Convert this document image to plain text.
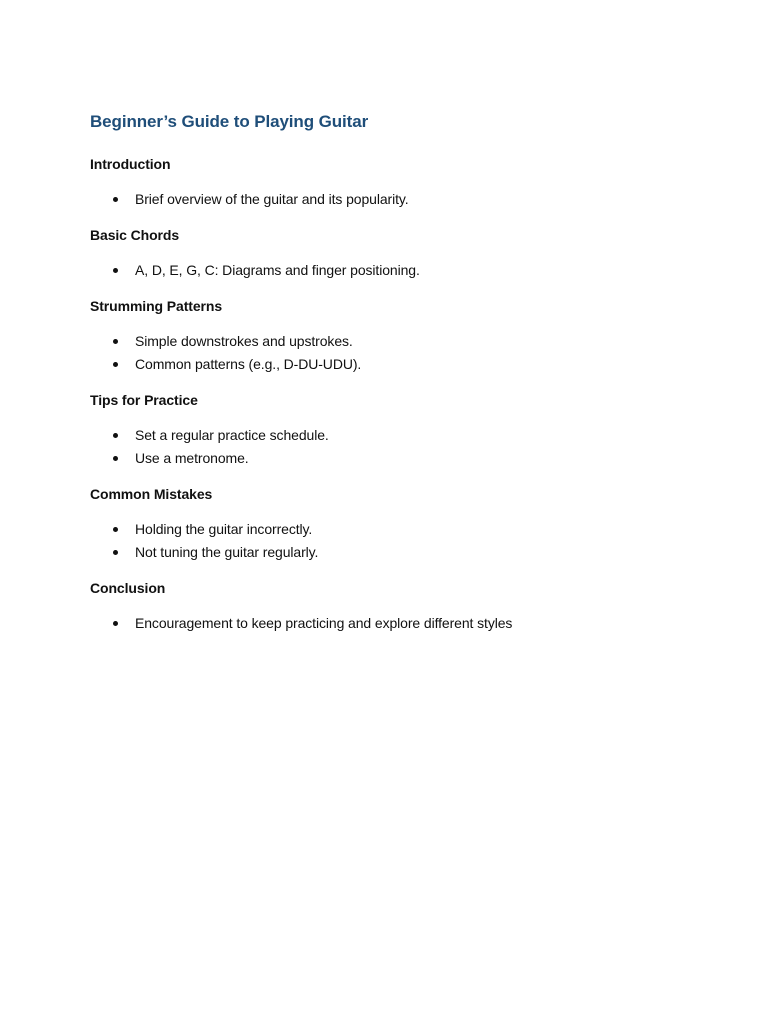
Beginner’s Guide to Playing Guitar
Introduction
Brief overview of the guitar and its popularity.
Basic Chords
A, D, E, G, C: Diagrams and finger positioning.
Strumming Patterns
Simple downstrokes and upstrokes.
Common patterns (e.g., D-DU-UDU).
Tips for Practice
Set a regular practice schedule.
Use a metronome.
Common Mistakes
Holding the guitar incorrectly.
Not tuning the guitar regularly.
Conclusion
Encouragement to keep practicing and explore different styles
